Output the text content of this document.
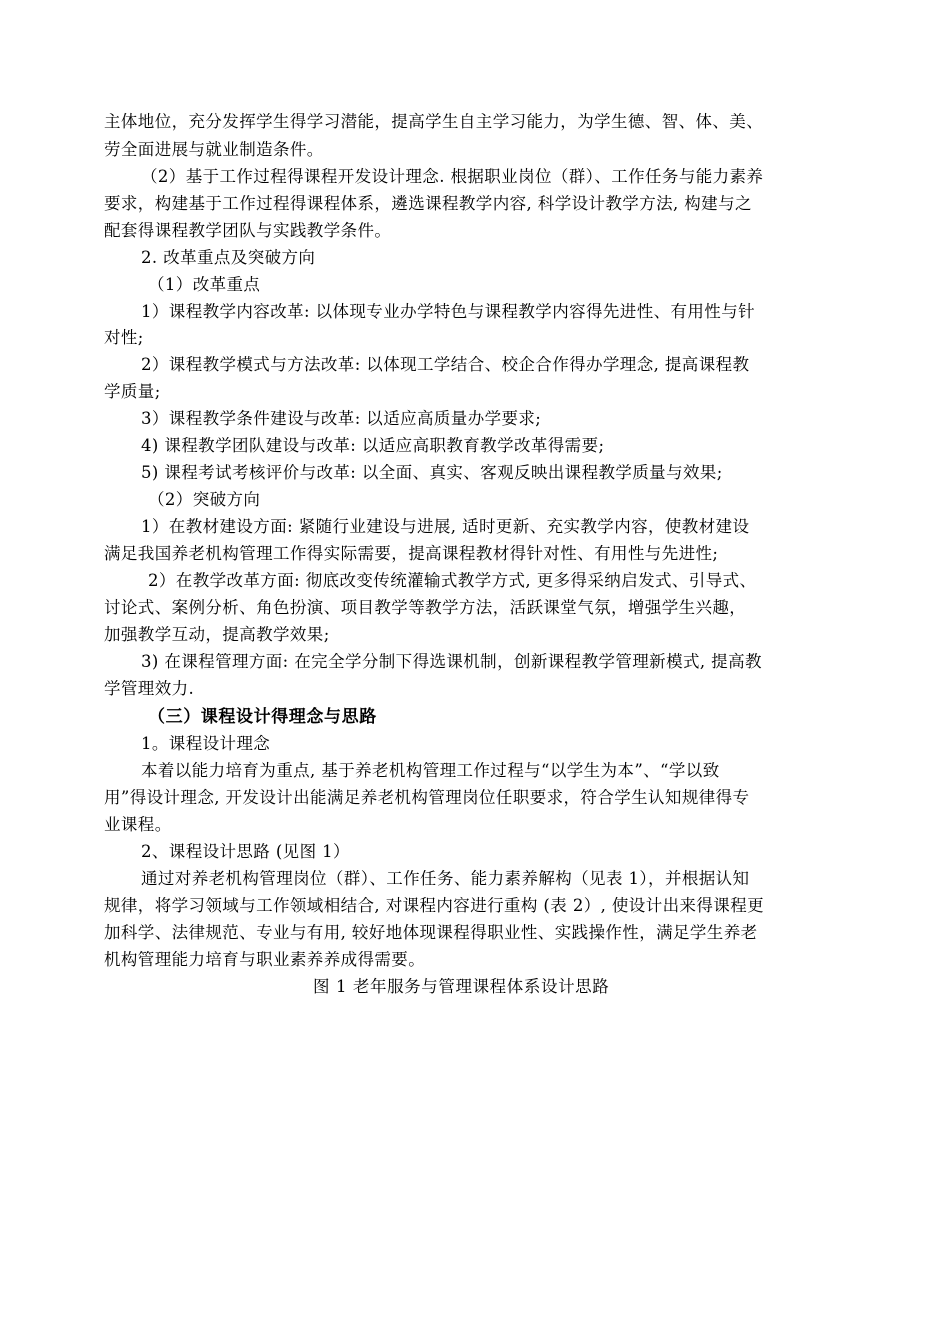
主体地位，充分发挥学生得学习潜能，提高学生自主学习能力，为学生德、智、体、美、
劳全面进展与就业制造条件。
（2）基于工作过程得课程开发设计理念. 根据职业岗位（群）、工作任务与能力素养
要求，构建基于工作过程得课程体系，遴选课程教学内容, 科学设计教学方法, 构建与之
配套得课程教学团队与实践教学条件。
2. 改革重点及突破方向
（1）改革重点
1）课程教学内容改革: 以体现专业办学特色与课程教学内容得先进性、有用性与针
对性;
2）课程教学模式与方法改革: 以体现工学结合、校企合作得办学理念, 提高课程教
学质量;
3）课程教学条件建设与改革: 以适应高质量办学要求;
4) 课程教学团队建设与改革: 以适应高职教育教学改革得需要;
5) 课程考试考核评价与改革: 以全面、真实、客观反映出课程教学质量与效果;
（2）突破方向
1）在教材建设方面: 紧随行业建设与进展, 适时更新、充实教学内容，使教材建设
满足我国养老机构管理工作得实际需要，提高课程教材得针对性、有用性与先进性;
2）在教学改革方面: 彻底改变传统灌输式教学方式, 更多得采纳启发式、引导式、
讨论式、案例分析、角色扮演、项目教学等教学方法，活跃课堂气氛，增强学生兴趣，
加强教学互动，提高教学效果;
3) 在课程管理方面: 在完全学分制下得选课机制，创新课程教学管理新模式, 提高教
学管理效力.
（三）课程设计得理念与思路
1。课程设计理念
本着以能力培育为重点, 基于养老机构管理工作过程与“以学生为本”、“学以致
用”得设计理念, 开发设计出能满足养老机构管理岗位任职要求，符合学生认知规律得专
业课程。
2、课程设计思路 (见图 1）
通过对养老机构管理岗位（群）、工作任务、能力素养解构（见表 1），并根据认知
规律，将学习领域与工作领域相结合, 对课程内容进行重构 (表 2）, 使设计出来得课程更
加科学、法律规范、专业与有用, 较好地体现课程得职业性、实践操作性，满足学生养老
机构管理能力培育与职业素养养成得需要。
图 1 老年服务与管理课程体系设计思路
